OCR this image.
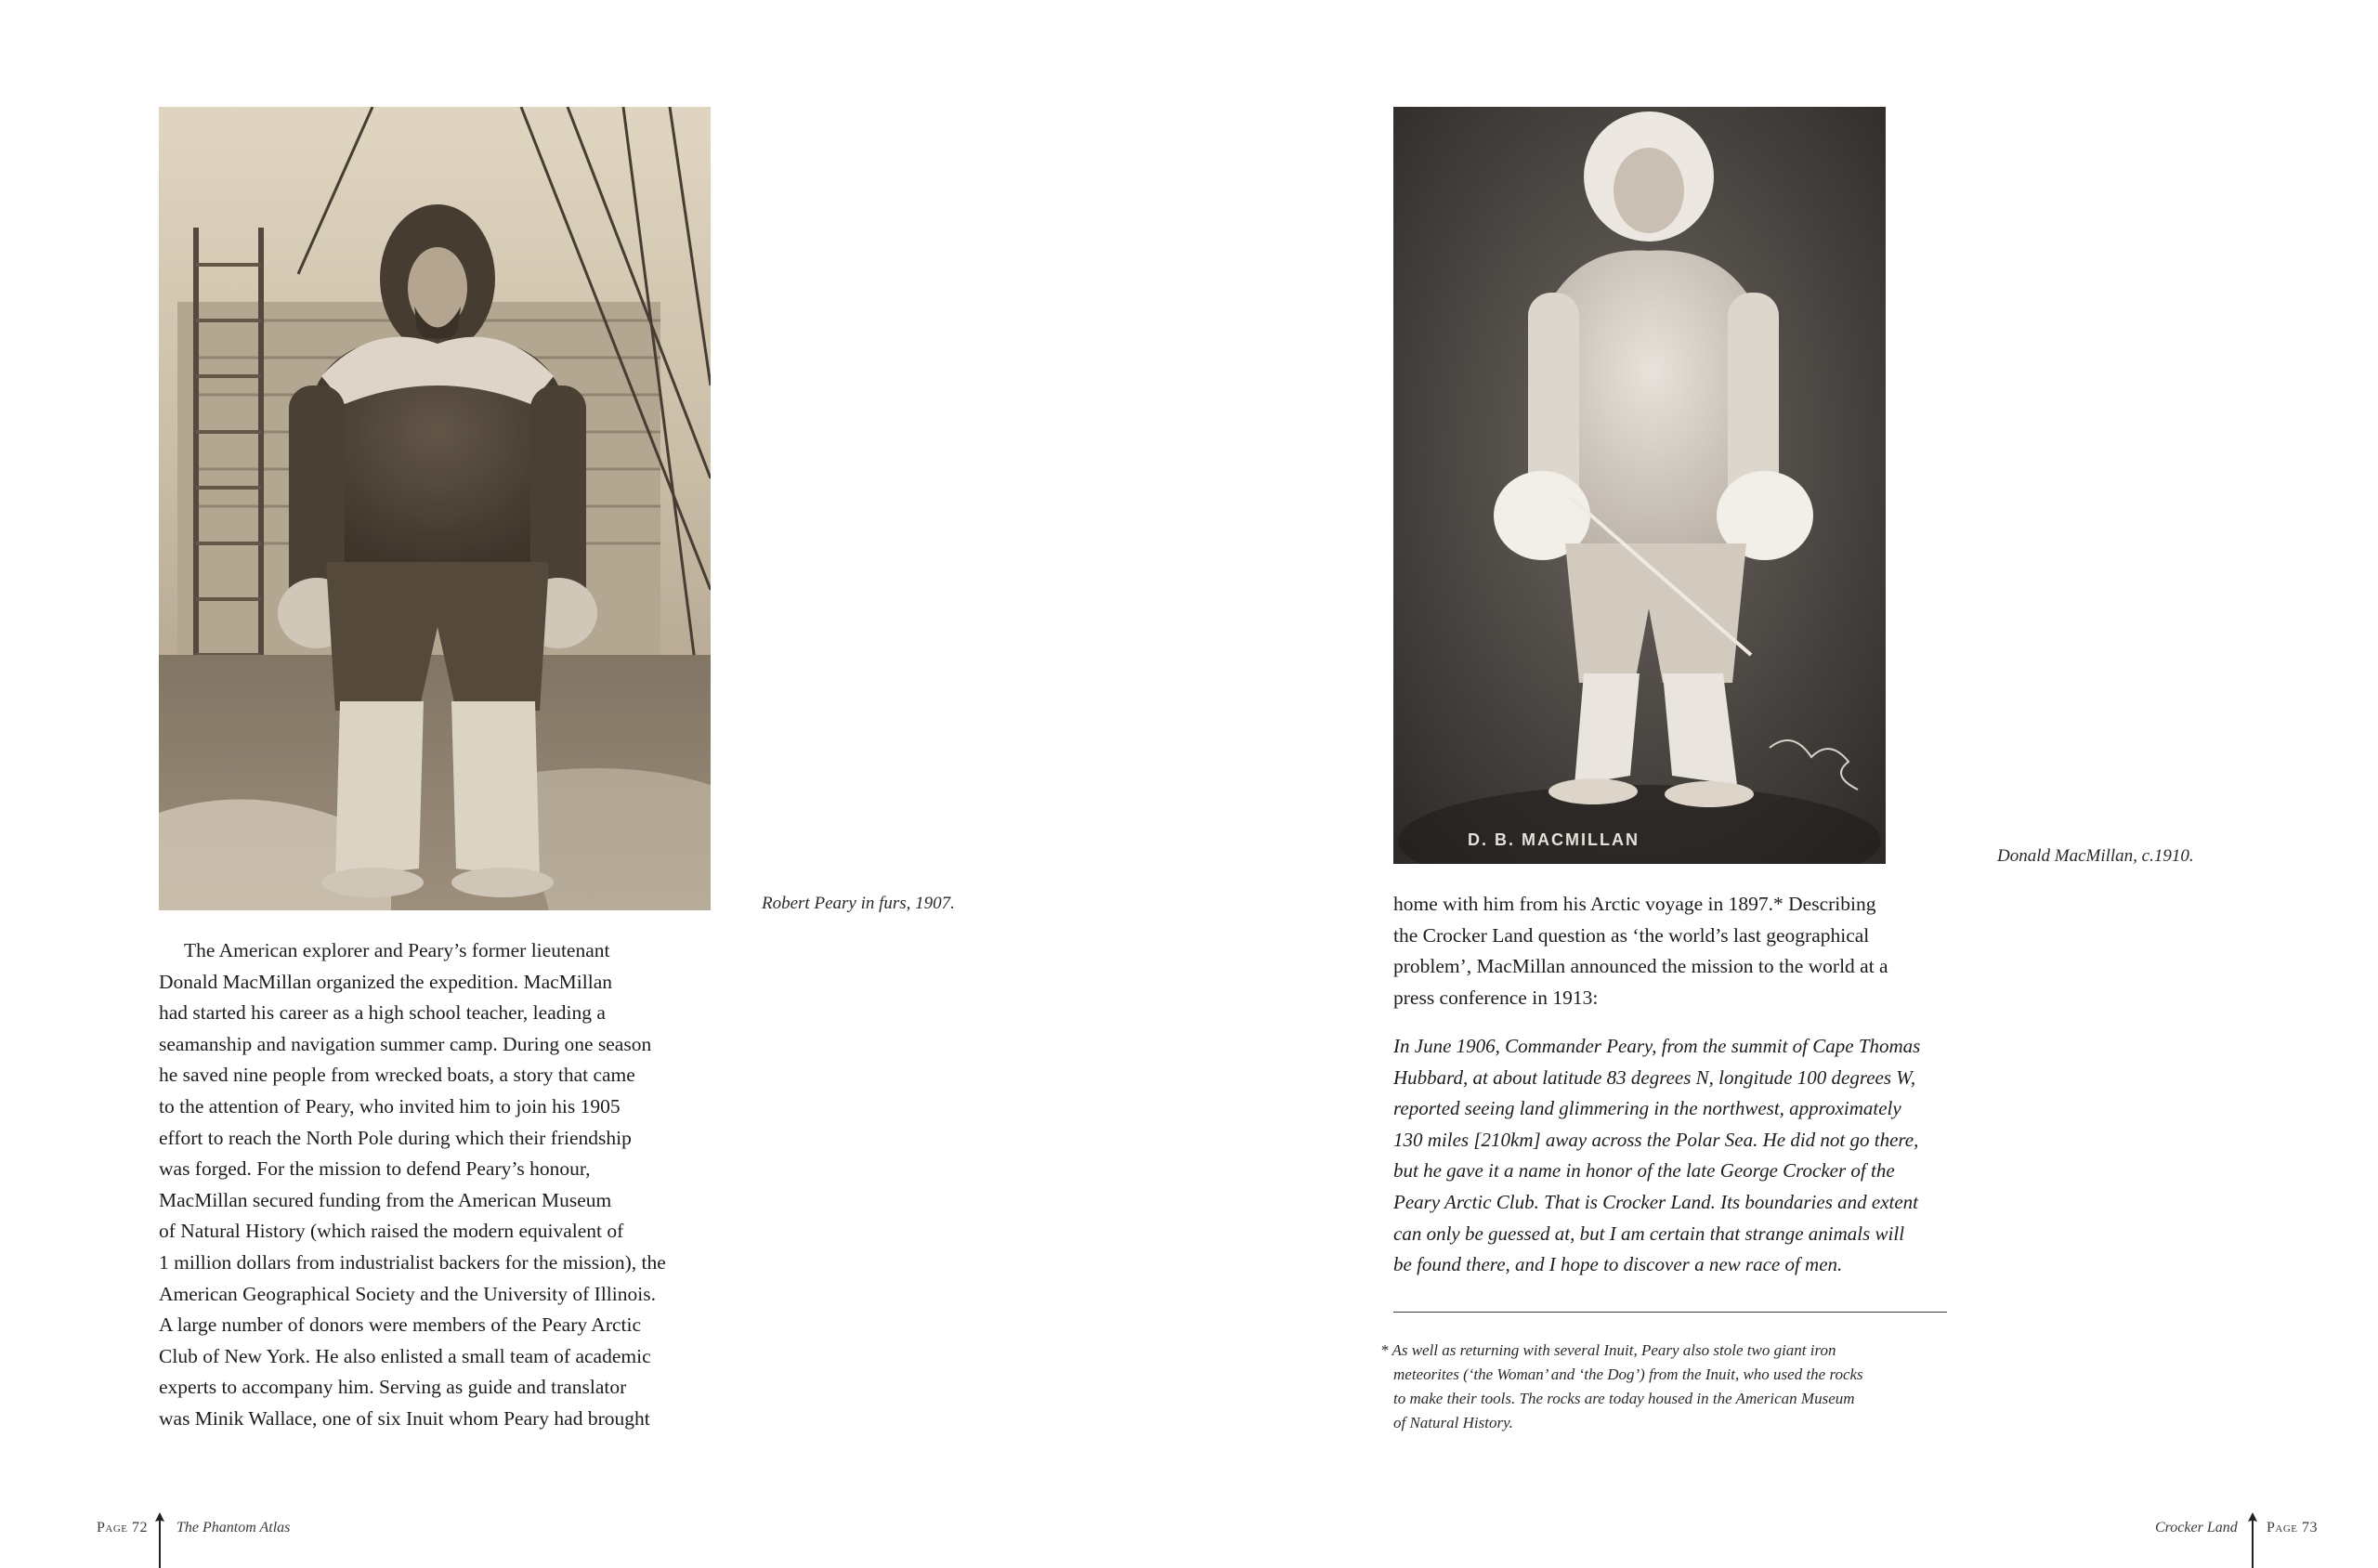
Robert Peary in furs, 1907.
The American explorer and Peary’s former lieutenant
Donald MacMillan organized the expedition. MacMillan
had started his career as a high school teacher, leading a
seamanship and navigation summer camp. During one season
he saved nine people from wrecked boats, a story that came
to the attention of Peary, who invited him to join his 1905
effort to reach the North Pole during which their friendship
was forged. For the mission to defend Peary’s honour,
MacMillan secured funding from the American Museum
of Natural History (which raised the modern equivalent of
1 million dollars from industrialist backers for the mission), the
American Geographical Society and the University of Illinois.
A large number of donors were members of the Peary Arctic
Club of New York. He also enlisted a small team of academic
experts to accompany him. Serving as guide and translator
was Minik Wallace, one of six Inuit whom Peary had brought
Page 72 The Phantom Atlas
D. B. MACMILLAN
Donald MacMillan, c.1910.
home with him from his Arctic voyage in 1897.* Describing
the Crocker Land question as ‘the world’s last geographical
problem’, MacMillan announced the mission to the world at a
press conference in 1913:
In June 1906, Commander Peary, from the summit of Cape Thomas
Hubbard, at about latitude 83 degrees N, longitude 100 degrees W,
reported seeing land glimmering in the northwest, approximately
130 miles [210km] away across the Polar Sea. He did not go there,
but he gave it a name in honor of the late George Crocker of the
Peary Arctic Club. That is Crocker Land. Its boundaries and extent
can only be guessed at, but I am certain that strange animals will
be found there, and I hope to discover a new race of men.
* As well as returning with several Inuit, Peary also stole two giant iron
meteorites (‘the Woman’ and ‘the Dog’) from the Inuit, who used the rocks
to make their tools. The rocks are today housed in the American Museum
of Natural History.
Crocker Land Page 73
